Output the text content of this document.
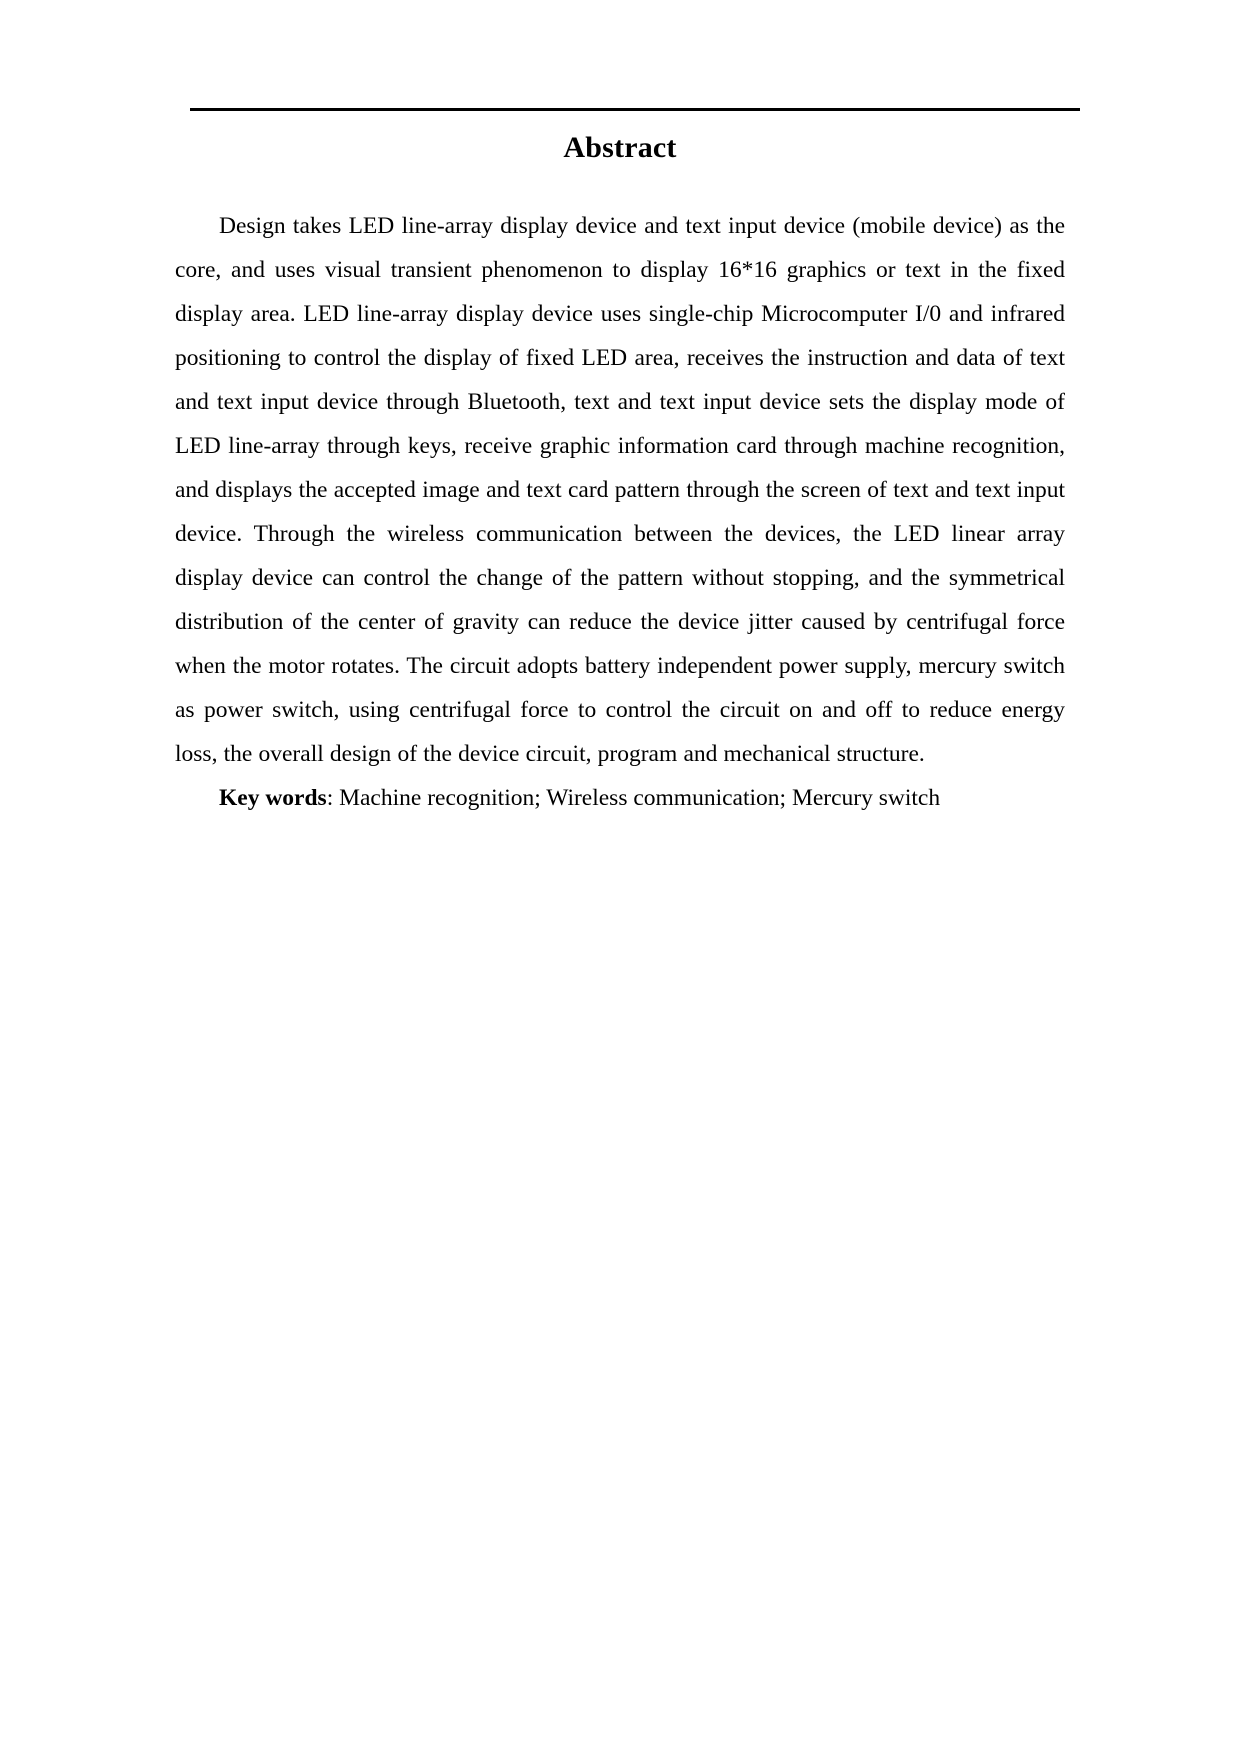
Abstract

Design takes LED line-array display device and text input device (mobile device) as the core, and uses visual transient phenomenon to display 16*16 graphics or text in the fixed display area. LED line-array display device uses single-chip Microcomputer I/0 and infrared positioning to control the display of fixed LED area, receives the instruction and data of text and text input device through Bluetooth, text and text input device sets the display mode of LED line-array through keys, receive graphic information card through machine recognition, and displays the accepted image and text card pattern through the screen of text and text input device. Through the wireless communication between the devices, the LED linear array display device can control the change of the pattern without stopping, and the symmetrical distribution of the center of gravity can reduce the device jitter caused by centrifugal force when the motor rotates. The circuit adopts battery independent power supply, mercury switch as power switch, using centrifugal force to control the circuit on and off to reduce energy loss, the overall design of the device circuit, program and mechanical structure.

Key words: Machine recognition; Wireless communication; Mercury switch
